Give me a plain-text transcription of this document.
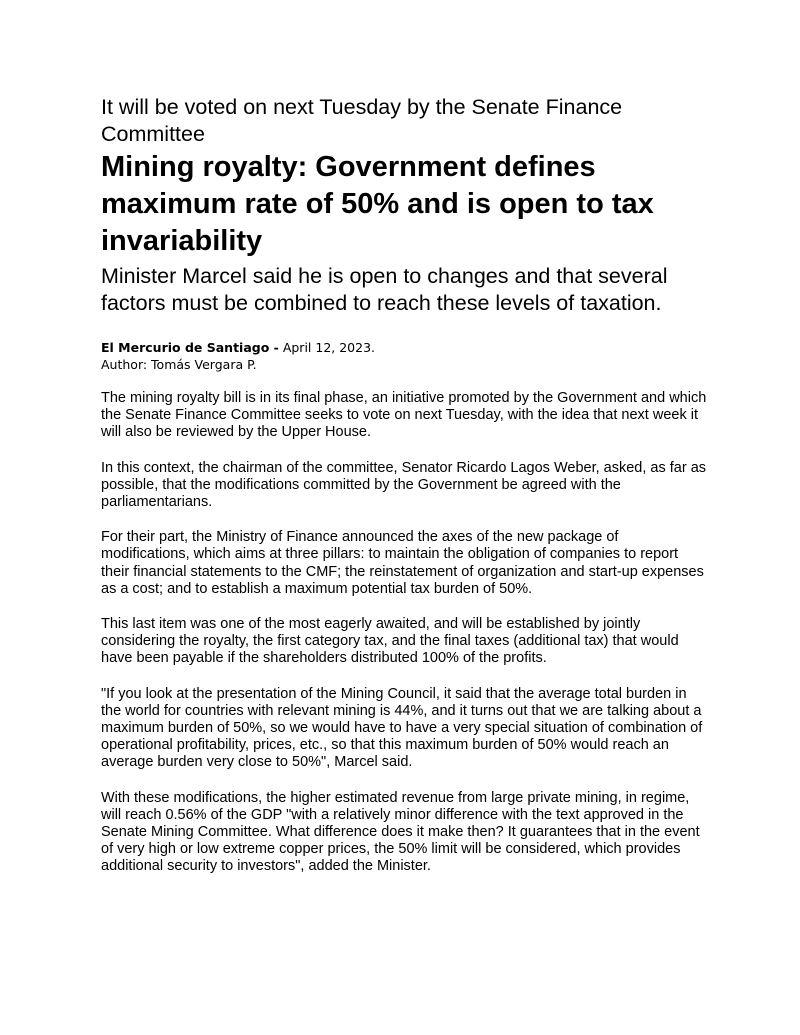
It will be voted on next Tuesday by the Senate Finance Committee
Mining royalty: Government defines maximum rate of 50% and is open to tax invariability
Minister Marcel said he is open to changes and that several factors must be combined to reach these levels of taxation.
El Mercurio de Santiago - April 12, 2023.
Author: Tomás Vergara P.

The mining royalty bill is in its final phase, an initiative promoted by the Government and which the Senate Finance Committee seeks to vote on next Tuesday, with the idea that next week it will also be reviewed by the Upper House.

In this context, the chairman of the committee, Senator Ricardo Lagos Weber, asked, as far as possible, that the modifications committed by the Government be agreed with the parliamentarians.

For their part, the Ministry of Finance announced the axes of the new package of modifications, which aims at three pillars: to maintain the obligation of companies to report their financial statements to the CMF; the reinstatement of organization and start-up expenses as a cost; and to establish a maximum potential tax burden of 50%.

This last item was one of the most eagerly awaited, and will be established by jointly considering the royalty, the first category tax, and the final taxes (additional tax) that would have been payable if the shareholders distributed 100% of the profits.

"If you look at the presentation of the Mining Council, it said that the average total burden in the world for countries with relevant mining is 44%, and it turns out that we are talking about a maximum burden of 50%, so we would have to have a very special situation of combination of operational profitability, prices, etc., so that this maximum burden of 50% would reach an average burden very close to 50%", Marcel said.

With these modifications, the higher estimated revenue from large private mining, in regime, will reach 0.56% of the GDP "with a relatively minor difference with the text approved in the Senate Mining Committee. What difference does it make then? It guarantees that in the event of very high or low extreme copper prices, the 50% limit will be considered, which provides additional security to investors", added the Minister.
